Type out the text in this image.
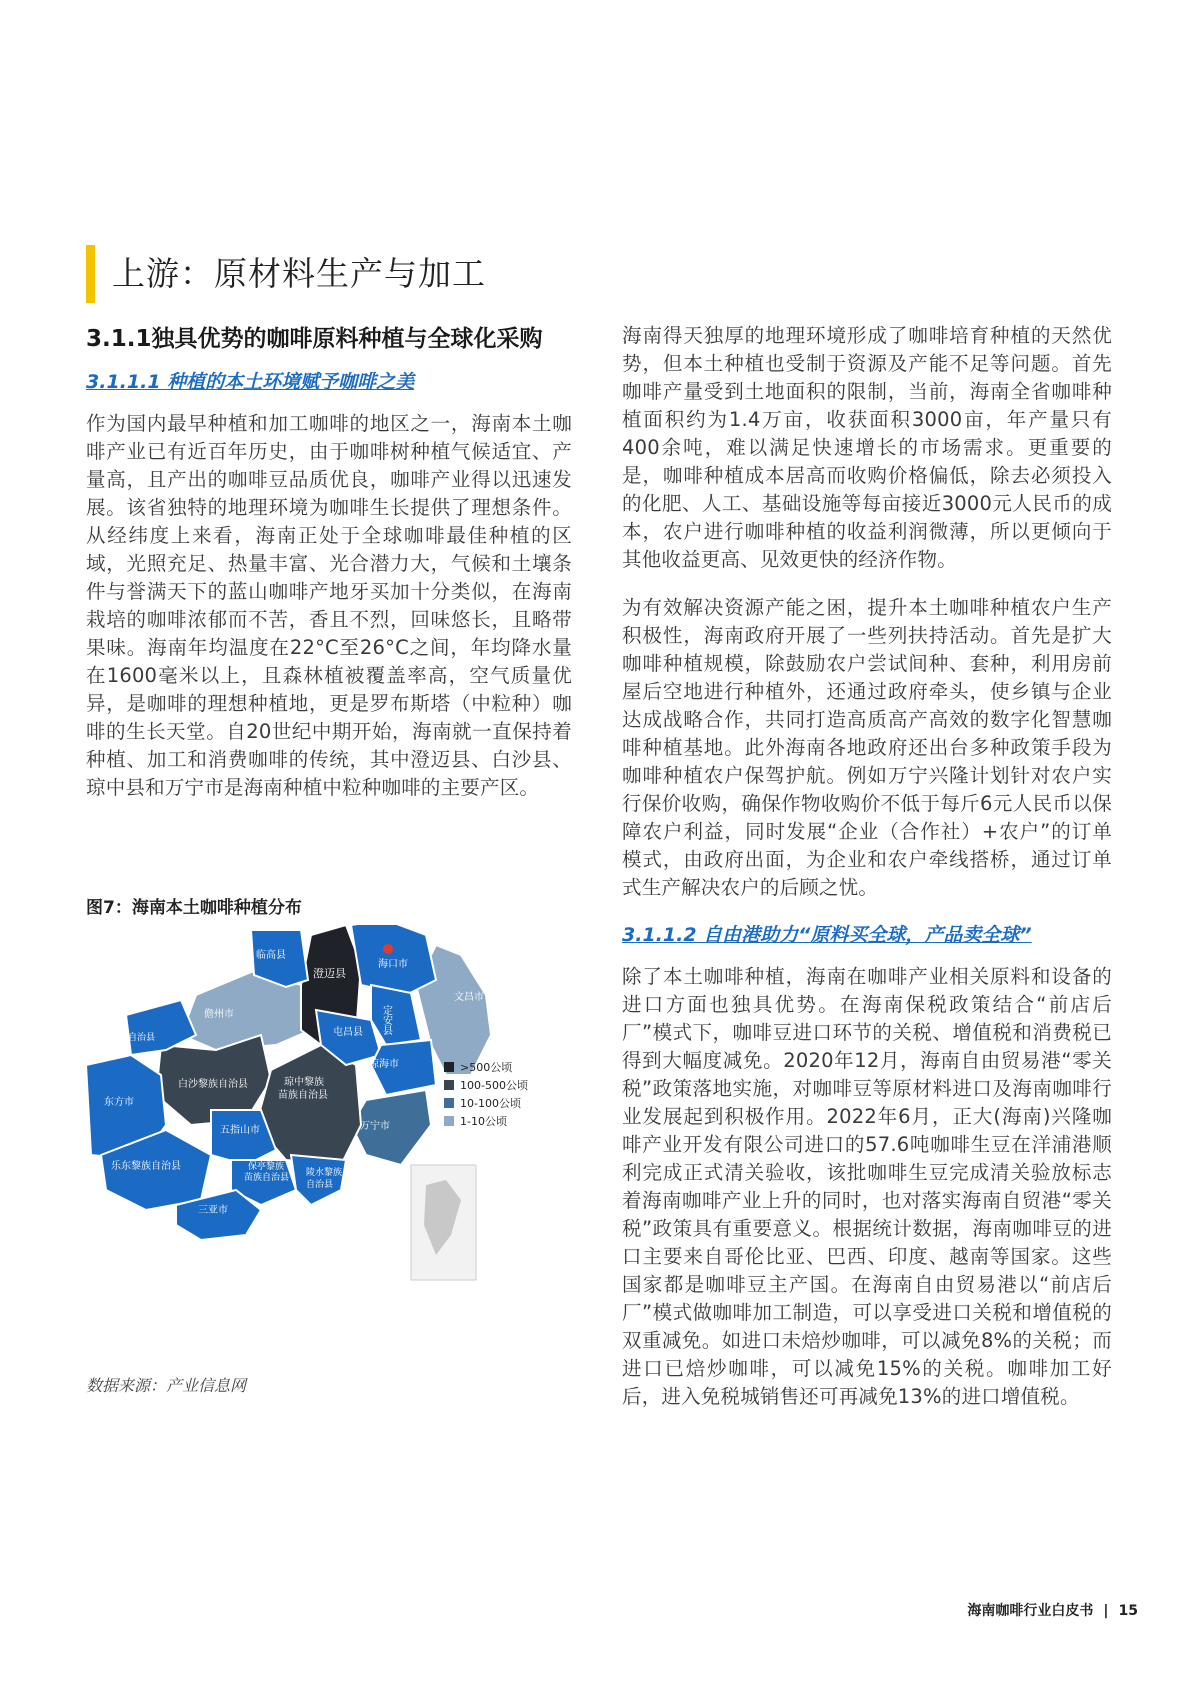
上游：原材料生产与加工

3.1.1独具优势的咖啡原料种植与全球化采购

3.1.1.1 种植的本土环境赋予咖啡之美

作为国内最早种植和加工咖啡的地区之一，海南本土咖啡产业已有近百年历史，由于咖啡树种植气候适宜、产量高，且产出的咖啡豆品质优良，咖啡产业得以迅速发展。该省独特的地理环境为咖啡生长提供了理想条件。从经纬度上来看，海南正处于全球咖啡最佳种植的区域，光照充足、热量丰富、光合潜力大，气候和土壤条件与誉满天下的蓝山咖啡产地牙买加十分类似，在海南栽培的咖啡浓郁而不苦，香且不烈，回味悠长，且略带果味。海南年均温度在22°C至26°C之间，年均降水量在1600毫米以上，且森林植被覆盖率高，空气质量优异，是咖啡的理想种植地，更是罗布斯塔（中粒种）咖啡的生长天堂。自20世纪中期开始，海南就一直保持着种植、加工和消费咖啡的传统，其中澄迈县、白沙县、琼中县和万宁市是海南种植中粒种咖啡的主要产区。

图7：海南本土咖啡种植分布

海口市
文昌市
临高县
澄迈县
儋州市	定安县
屯昌县
昌江黎族自治县
白沙黎族自治县
琼海市
琼中黎族
苗族自治县
东方市
五指山市	万宁市
乐东黎族自治县	保亭黎族
苗族自治县 陵水黎族
自治县
三亚市
>500公顷
100-500公顷
10-100公顷
1-10公顷

数据来源：产业信息网

海南得天独厚的地理环境形成了咖啡培育种植的天然优势，但本土种植也受制于资源及产能不足等问题。首先咖啡产量受到土地面积的限制，当前，海南全省咖啡种植面积约为1.4万亩，收获面积3000亩，年产量只有400余吨，难以满足快速增长的市场需求。更重要的是，咖啡种植成本居高而收购价格偏低，除去必须投入的化肥、人工、基础设施等每亩接近3000元人民币的成本，农户进行咖啡种植的收益利润微薄，所以更倾向于其他收益更高、见效更快的经济作物。

为有效解决资源产能之困，提升本土咖啡种植农户生产积极性，海南政府开展了一些列扶持活动。首先是扩大咖啡种植规模，除鼓励农户尝试间种、套种，利用房前屋后空地进行种植外，还通过政府牵头，使乡镇与企业达成战略合作，共同打造高质高产高效的数字化智慧咖啡种植基地。此外海南各地政府还出台多种政策手段为咖啡种植农户保驾护航。例如万宁兴隆计划针对农户实行保价收购，确保作物收购价不低于每斤6元人民币以保障农户利益，同时发展“企业（合作社）+农户”的订单模式，由政府出面，为企业和农户牵线搭桥，通过订单式生产解决农户的后顾之忧。

3.1.1.2 自由港助力“原料买全球，产品卖全球”

除了本土咖啡种植，海南在咖啡产业相关原料和设备的进口方面也独具优势。在海南保税政策结合“前店后厂”模式下，咖啡豆进口环节的关税、增值税和消费税已得到大幅度减免。2020年12月，海南自由贸易港“零关税”政策落地实施，对咖啡豆等原材料进口及海南咖啡行业发展起到积极作用。2022年6月，正大(海南)兴隆咖啡产业开发有限公司进口的57.6吨咖啡生豆在洋浦港顺利完成正式清关验收，该批咖啡生豆完成清关验放标志着海南咖啡产业上升的同时，也对落实海南自贸港“零关税”政策具有重要意义。根据统计数据，海南咖啡豆的进口主要来自哥伦比亚、巴西、印度、越南等国家。这些国家都是咖啡豆主产国。在海南自由贸易港以“前店后厂”模式做咖啡加工制造，可以享受进口关税和增值税的双重减免。如进口未焙炒咖啡，可以减免8%的关税；而进口已焙炒咖啡，可以减免15%的关税。咖啡加工好后，进入免税城销售还可再减免13%的进口增值税。

海南咖啡行业白皮书 | 15
